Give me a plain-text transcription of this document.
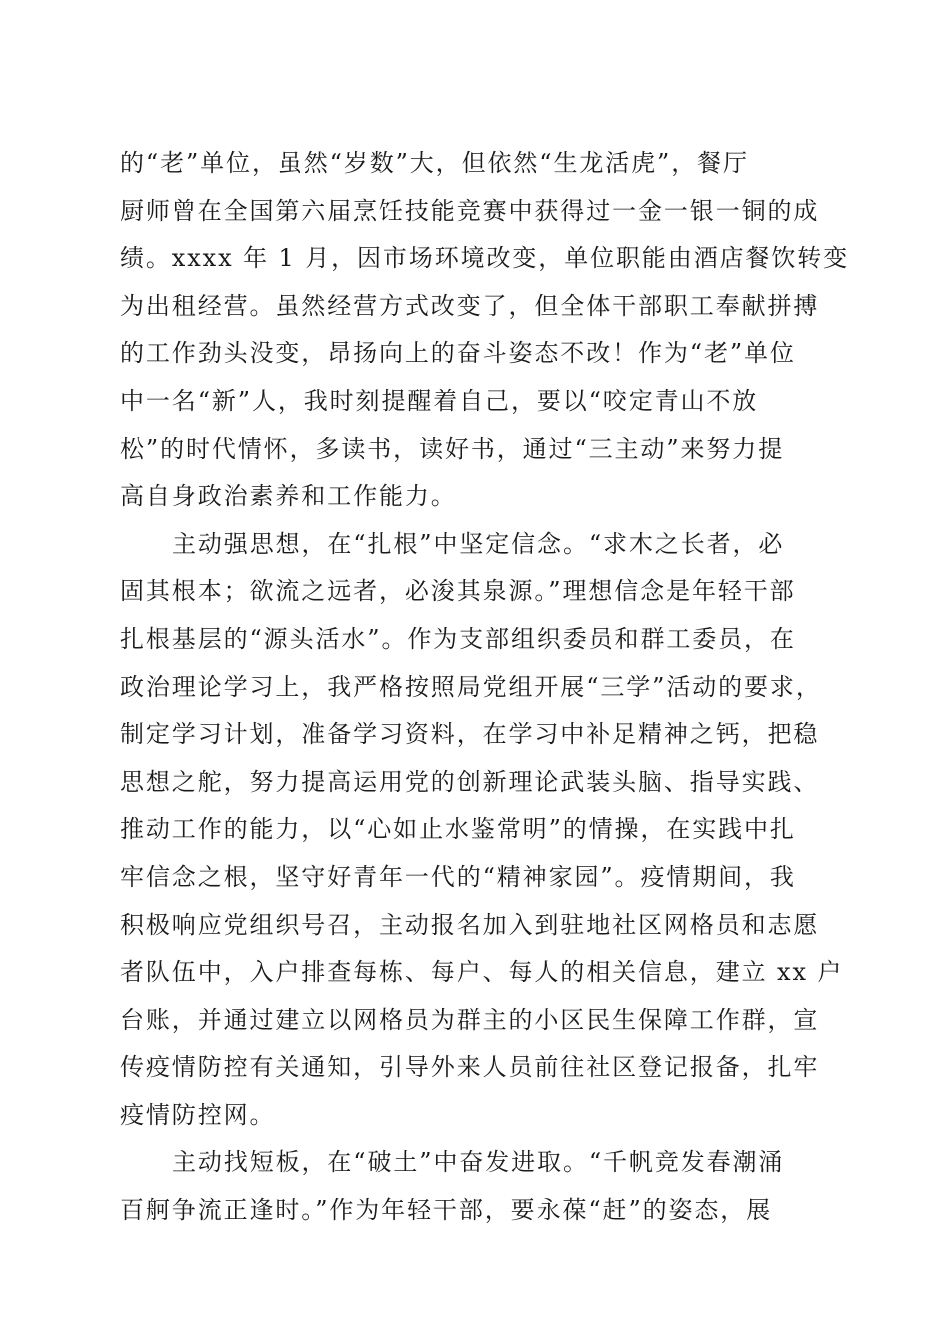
的“老”单位，虽然“岁数”大，但依然“生龙活虎”，餐厅
厨师曾在全国第六届烹饪技能竞赛中获得过一金一银一铜的成
绩。xxxx 年 1 月，因市场环境改变，单位职能由酒店餐饮转变
为出租经营。虽然经营方式改变了，但全体干部职工奉献拼搏
的工作劲头没变，昂扬向上的奋斗姿态不改！作为“老”单位
中一名“新”人，我时刻提醒着自己，要以“咬定青山不放
松”的时代情怀，多读书，读好书，通过“三主动”来努力提
高自身政治素养和工作能力。
主动强思想，在“扎根”中坚定信念。“求木之长者，必
固其根本；欲流之远者，必浚其泉源。”理想信念是年轻干部
扎根基层的“源头活水”。作为支部组织委员和群工委员，在
政治理论学习上，我严格按照局党组开展“三学”活动的要求，
制定学习计划，准备学习资料，在学习中补足精神之钙，把稳
思想之舵，努力提高运用党的创新理论武装头脑、指导实践、
推动工作的能力，以“心如止水鉴常明”的情操，在实践中扎
牢信念之根，坚守好青年一代的“精神家园”。疫情期间，我
积极响应党组织号召，主动报名加入到驻地社区网格员和志愿
者队伍中，入户排查每栋、每户、每人的相关信息，建立 xx 户
台账，并通过建立以网格员为群主的小区民生保障工作群，宣
传疫情防控有关通知，引导外来人员前往社区登记报备，扎牢
疫情防控网。
主动找短板，在“破土”中奋发进取。“千帆竞发春潮涌
百舸争流正逢时。”作为年轻干部，要永葆“赶”的姿态，展
